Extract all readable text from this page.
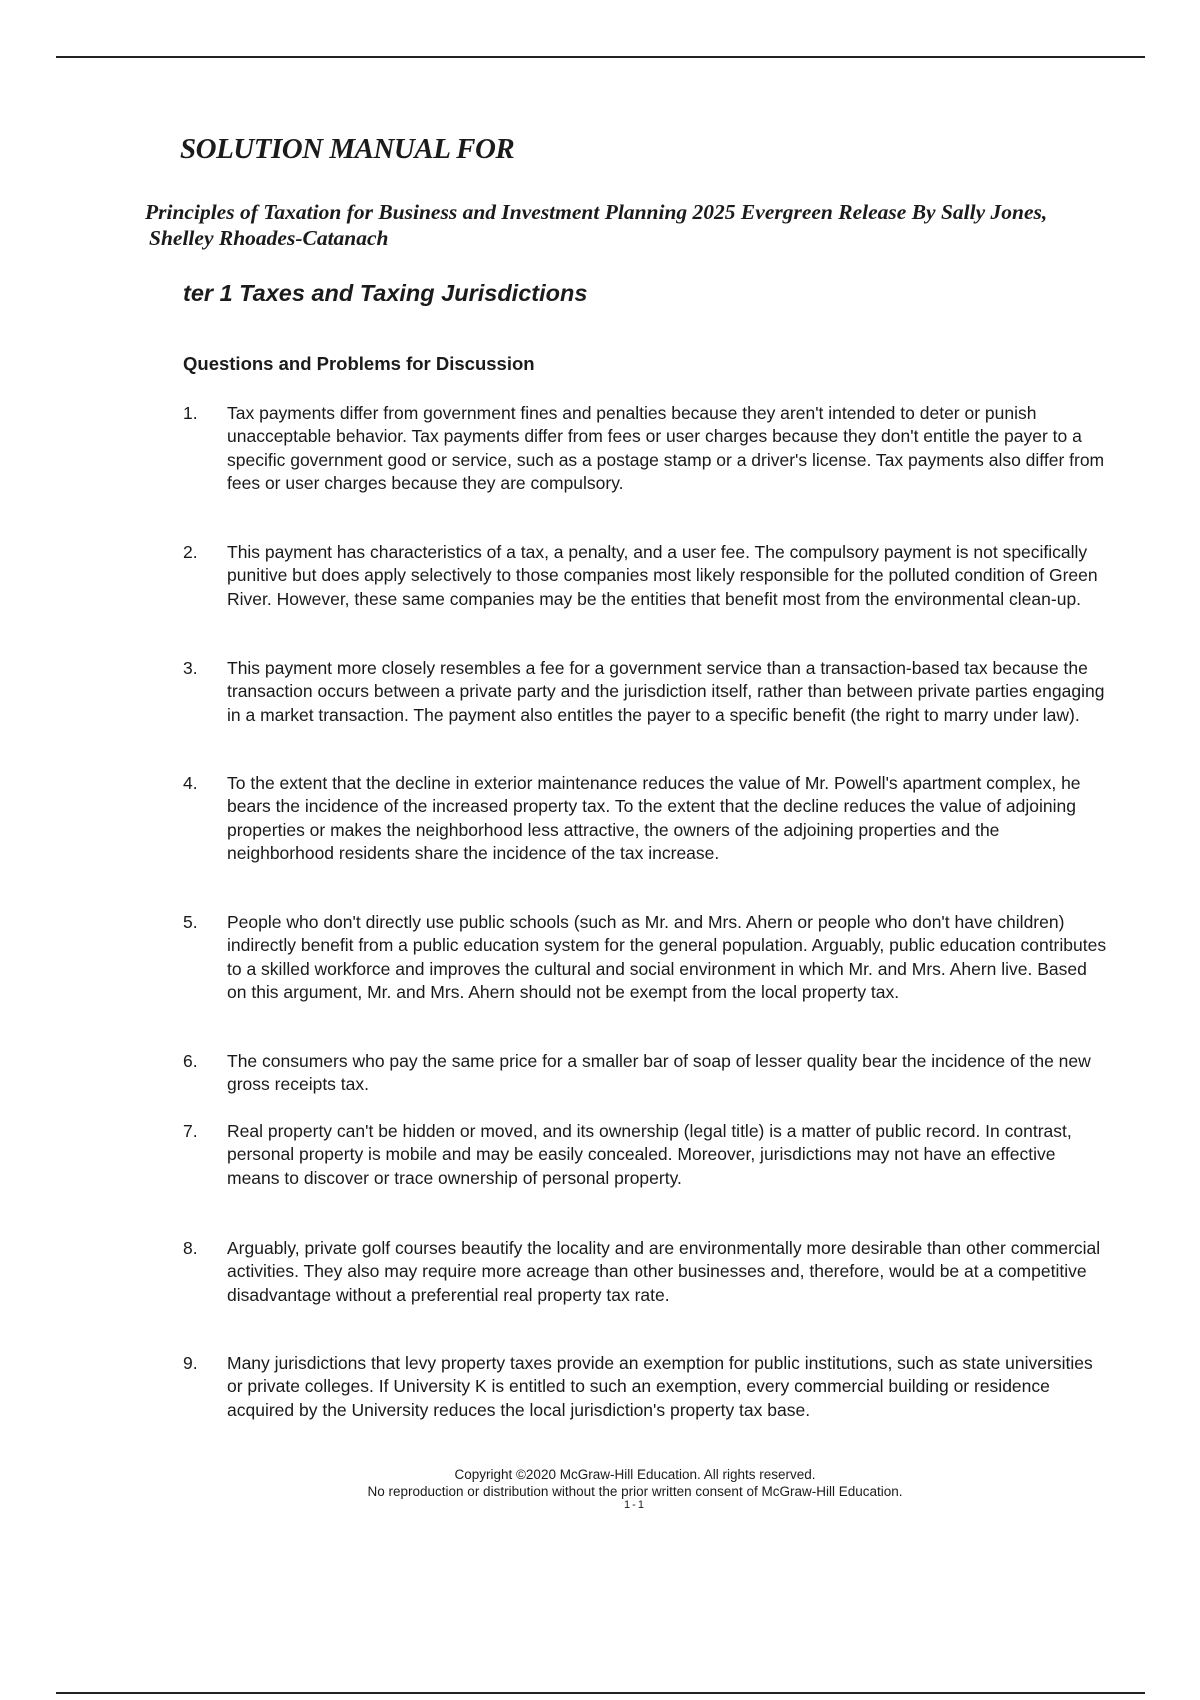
SOLUTION MANUAL FOR
Principles of Taxation for Business and Investment Planning 2025 Evergreen Release By Sally Jones,
Shelley Rhoades-Catanach
ter 1 Taxes and Taxing Jurisdictions
Questions and Problems for Discussion
1. Tax payments differ from government fines and penalties because they aren't intended to deter or punish unacceptable behavior. Tax payments differ from fees or user charges because they don't entitle the payer to a specific government good or service, such as a postage stamp or a driver's license. Tax payments also differ from fees or user charges because they are compulsory.
2. This payment has characteristics of a tax, a penalty, and a user fee. The compulsory payment is not specifically punitive but does apply selectively to those companies most likely responsible for the polluted condition of Green River. However, these same companies may be the entities that benefit most from the environmental clean-up.
3. This payment more closely resembles a fee for a government service than a transaction-based tax because the transaction occurs between a private party and the jurisdiction itself, rather than between private parties engaging in a market transaction. The payment also entitles the payer to a specific benefit (the right to marry under law).
4. To the extent that the decline in exterior maintenance reduces the value of Mr. Powell's apartment complex, he bears the incidence of the increased property tax. To the extent that the decline reduces the value of adjoining properties or makes the neighborhood less attractive, the owners of the adjoining properties and the neighborhood residents share the incidence of the tax increase.
5. People who don't directly use public schools (such as Mr. and Mrs. Ahern or people who don't have children) indirectly benefit from a public education system for the general population. Arguably, public education contributes to a skilled workforce and improves the cultural and social environment in which Mr. and Mrs. Ahern live. Based on this argument, Mr. and Mrs. Ahern should not be exempt from the local property tax.
6. The consumers who pay the same price for a smaller bar of soap of lesser quality bear the incidence of the new gross receipts tax.
7. Real property can't be hidden or moved, and its ownership (legal title) is a matter of public record. In contrast, personal property is mobile and may be easily concealed. Moreover, jurisdictions may not have an effective means to discover or trace ownership of personal property.
8. Arguably, private golf courses beautify the locality and are environmentally more desirable than other commercial activities. They also may require more acreage than other businesses and, therefore, would be at a competitive disadvantage without a preferential real property tax rate.
9. Many jurisdictions that levy property taxes provide an exemption for public institutions, such as state universities or private colleges. If University K is entitled to such an exemption, every commercial building or residence acquired by the University reduces the local jurisdiction's property tax base.
Copyright ©2020 McGraw-Hill Education. All rights reserved.
No reproduction or distribution without the prior written consent of McGraw-Hill Education.
1-1
